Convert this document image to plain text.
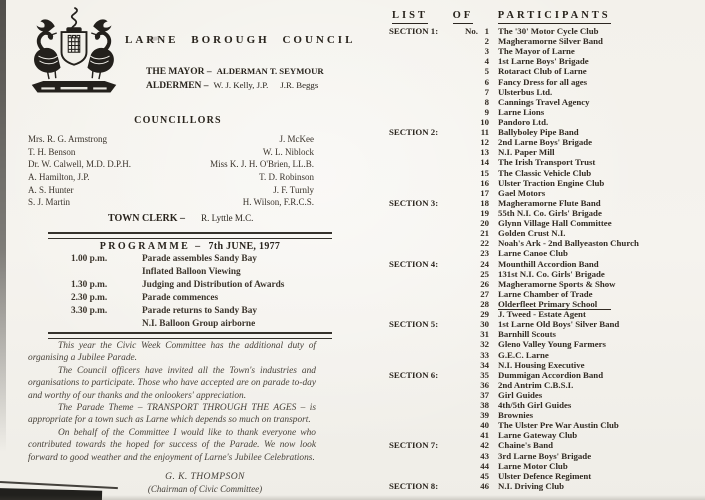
LARNE BOROUGH COUNCIL
THE MAYOR – ALDERMAN T. SEYMOUR
ALDERMEN – W. J. Kelly, J.P. J.R. Beggs
COUNCILLORS
Mrs. R. G. Armstrong	J. McKee
T. H. Benson	W. L. Niblock
Dr. W. Calwell, M.D. D.P.H.	Miss K. J. H. O'Brien, LL.B.
A. Hamilton, J.P.	T. D. Robinson
A. S. Hunter	J. F. Turnly
S. J. Martin	H. Wilson, F.R.C.S.
TOWN CLERK – R. Lyttle M.C.
PROGRAMME – 7th JUNE, 1977
1.00 p.m.	Parade assembles Sandy Bay
Inflated Balloon Viewing
1.30 p.m.	Judging and Distribution of Awards
2.30 p.m.	Parade commences
3.30 p.m.	Parade returns to Sandy Bay
N.I. Balloon Group airborne

This year the Civic Week Committee has the additional duty of organising a Jubilee Parade.

The Council officers have invited all the Town's industries and organisations to participate. Those who have accepted are on parade to-day and worthy of our thanks and the onlookers' appreciation.

The Parade Theme – TRANSPORT THROUGH THE AGES – is appropriate for a town such as Larne which depends so much on transport.

On behalf of the Committee I would like to thank everyone who contributed towards the hoped for success of the Parade. We now look forward to good weather and the enjoyment of Larne's Jubilee Celebrations.

G. K. THOMPSON
(Chairman of Civic Committee)
LIST OF PARTICIPANTS
SECTION 1:	No. 1 The '30' Motor Cycle Club
2 Magheramorne Silver Band
3 The Mayor of Larne
4 1st Larne Boys' Brigade
5 Rotaract Club of Larne
6 Fancy Dress for all ages
7 Ulsterbus Ltd.
8 Cannings Travel Agency
9 Larne Lions
10 Pandoro Ltd.
SECTION 2:	11 Ballyboley Pipe Band
12 2nd Larne Boys' Brigade
13 N.I. Paper Mill
14 The Irish Transport Trust
15 The Classic Vehicle Club
16 Ulster Traction Engine Club
17 Gael Motors
SECTION 3:	18 Magheramorne Flute Band
19 55th N.I. Co. Girls' Brigade
20 Glynn Village Hall Committee
21 Golden Crust N.I.
22 Noah's Ark - 2nd Ballyeaston Church
23 Larne Canoe Club
SECTION 4:	24 Mounthill Accordion Band
25 131st N.I. Co. Girls' Brigade
26 Magheramorne Sports & Show
27 Larne Chamber of Trade
28 Olderfleet Primary School
29 J. Tweed - Estate Agent
SECTION 5:	30 1st Larne Old Boys' Silver Band
31 Barnhill Scouts
32 Gleno Valley Young Farmers
33 G.E.C. Larne
34 N.I. Housing Executive
SECTION 6:	35 Dummigan Accordion Band
36 2nd Antrim C.B.S.I.
37 Girl Guides
38 4th/5th Girl Guides
39 Brownies
40 The Ulster Pre War Austin Club
41 Larne Gateway Club
SECTION 7:	42 Chaine's Band
43 3rd Larne Boys' Brigade
44 Larne Motor Club
45 Ulster Defence Regiment
SECTION 8:	46 N.I. Driving Club
